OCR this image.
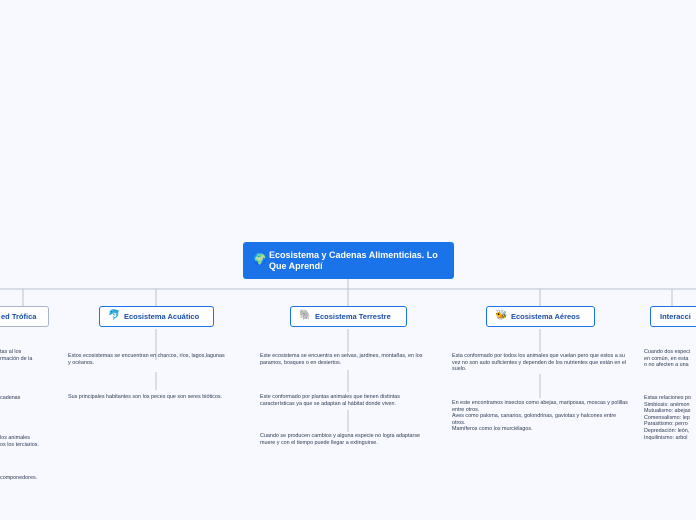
🌍 Ecosistema y Cadenas Alimenticias. Lo Que Aprendí
ed Trófica	🐬 Ecosistema Acuático	🐘 Ecosistema Terrestre	🐝 Ecosistema Aéreos	Interacci
tas al los
rmación de la
cadenas
los animales
os los terciarios.
componedores.
Estos ecosistemas se encuentran en charcos, ríos, lagos,lagunas y océanos.
Sus principales habitantes son los peces que son seres bióticos.
Este ecosistema se encuentra en selvas, jardines, montañas, en los paramos, bosques o en desiertos.
Este conformado por plantas animales que tienen distintas características ya que se adaptan al hábitat donde viven.
Cuando se producen cambios y alguna especie no logra adaptarse muere y con el tiempo puede llegar a extinguirse.
Esta conformado por todos los animales que vuelan pero que estos a su vez no son auto suficientes y dependen de los nutrientes que están en el suelo.
En este encontramos insectos como abejas, mariposas, moscas y polillas entre otros.
Aves como paloma, canarios, golondrinas, gaviotas y halcones entre otros.
Mamíferos como los murciélagos.
Cuando dos especi
en común, en esta
o no afecten a una
Estas relaciones po
Simbiosis: anémon
Mutualismo: abejas
Comensalismo: lep
Parasitismo: perro
Depredación: león,
Inquilinismo: arbol
